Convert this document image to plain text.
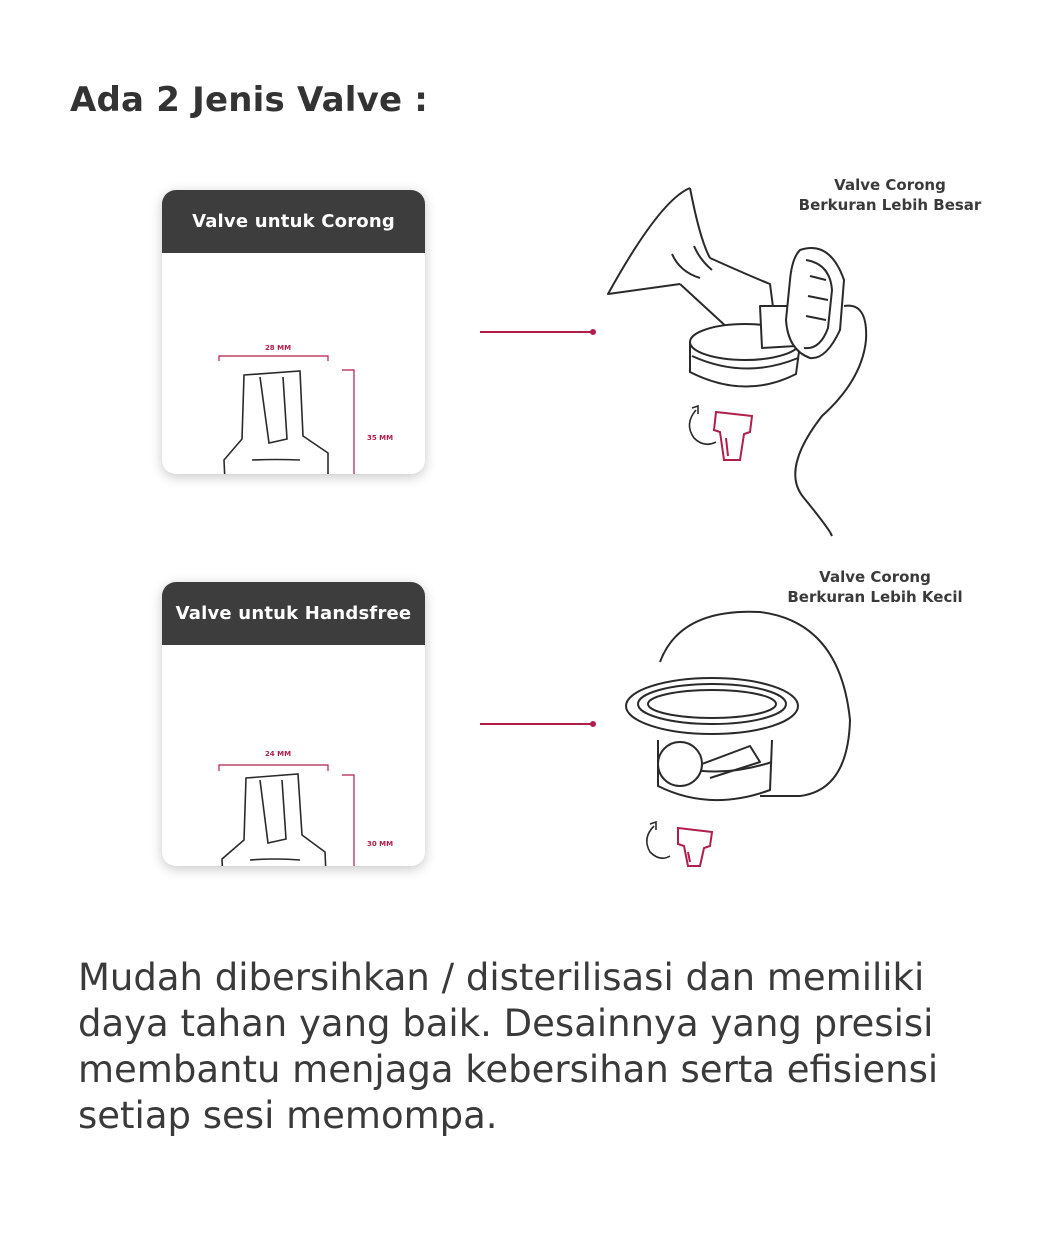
Ada 2 Jenis Valve :
Valve untuk Corong
28 MM
35 MM
Valve untuk Handsfree
24 MM
30 MM
Valve Corong
Berkuran Lebih Besar
Valve Corong
Berkuran Lebih Kecil

Mudah dibersihkan / disterilisasi dan memiliki daya tahan yang baik. Desainnya yang presisi membantu menjaga kebersihan serta efisiensi setiap sesi memompa.
